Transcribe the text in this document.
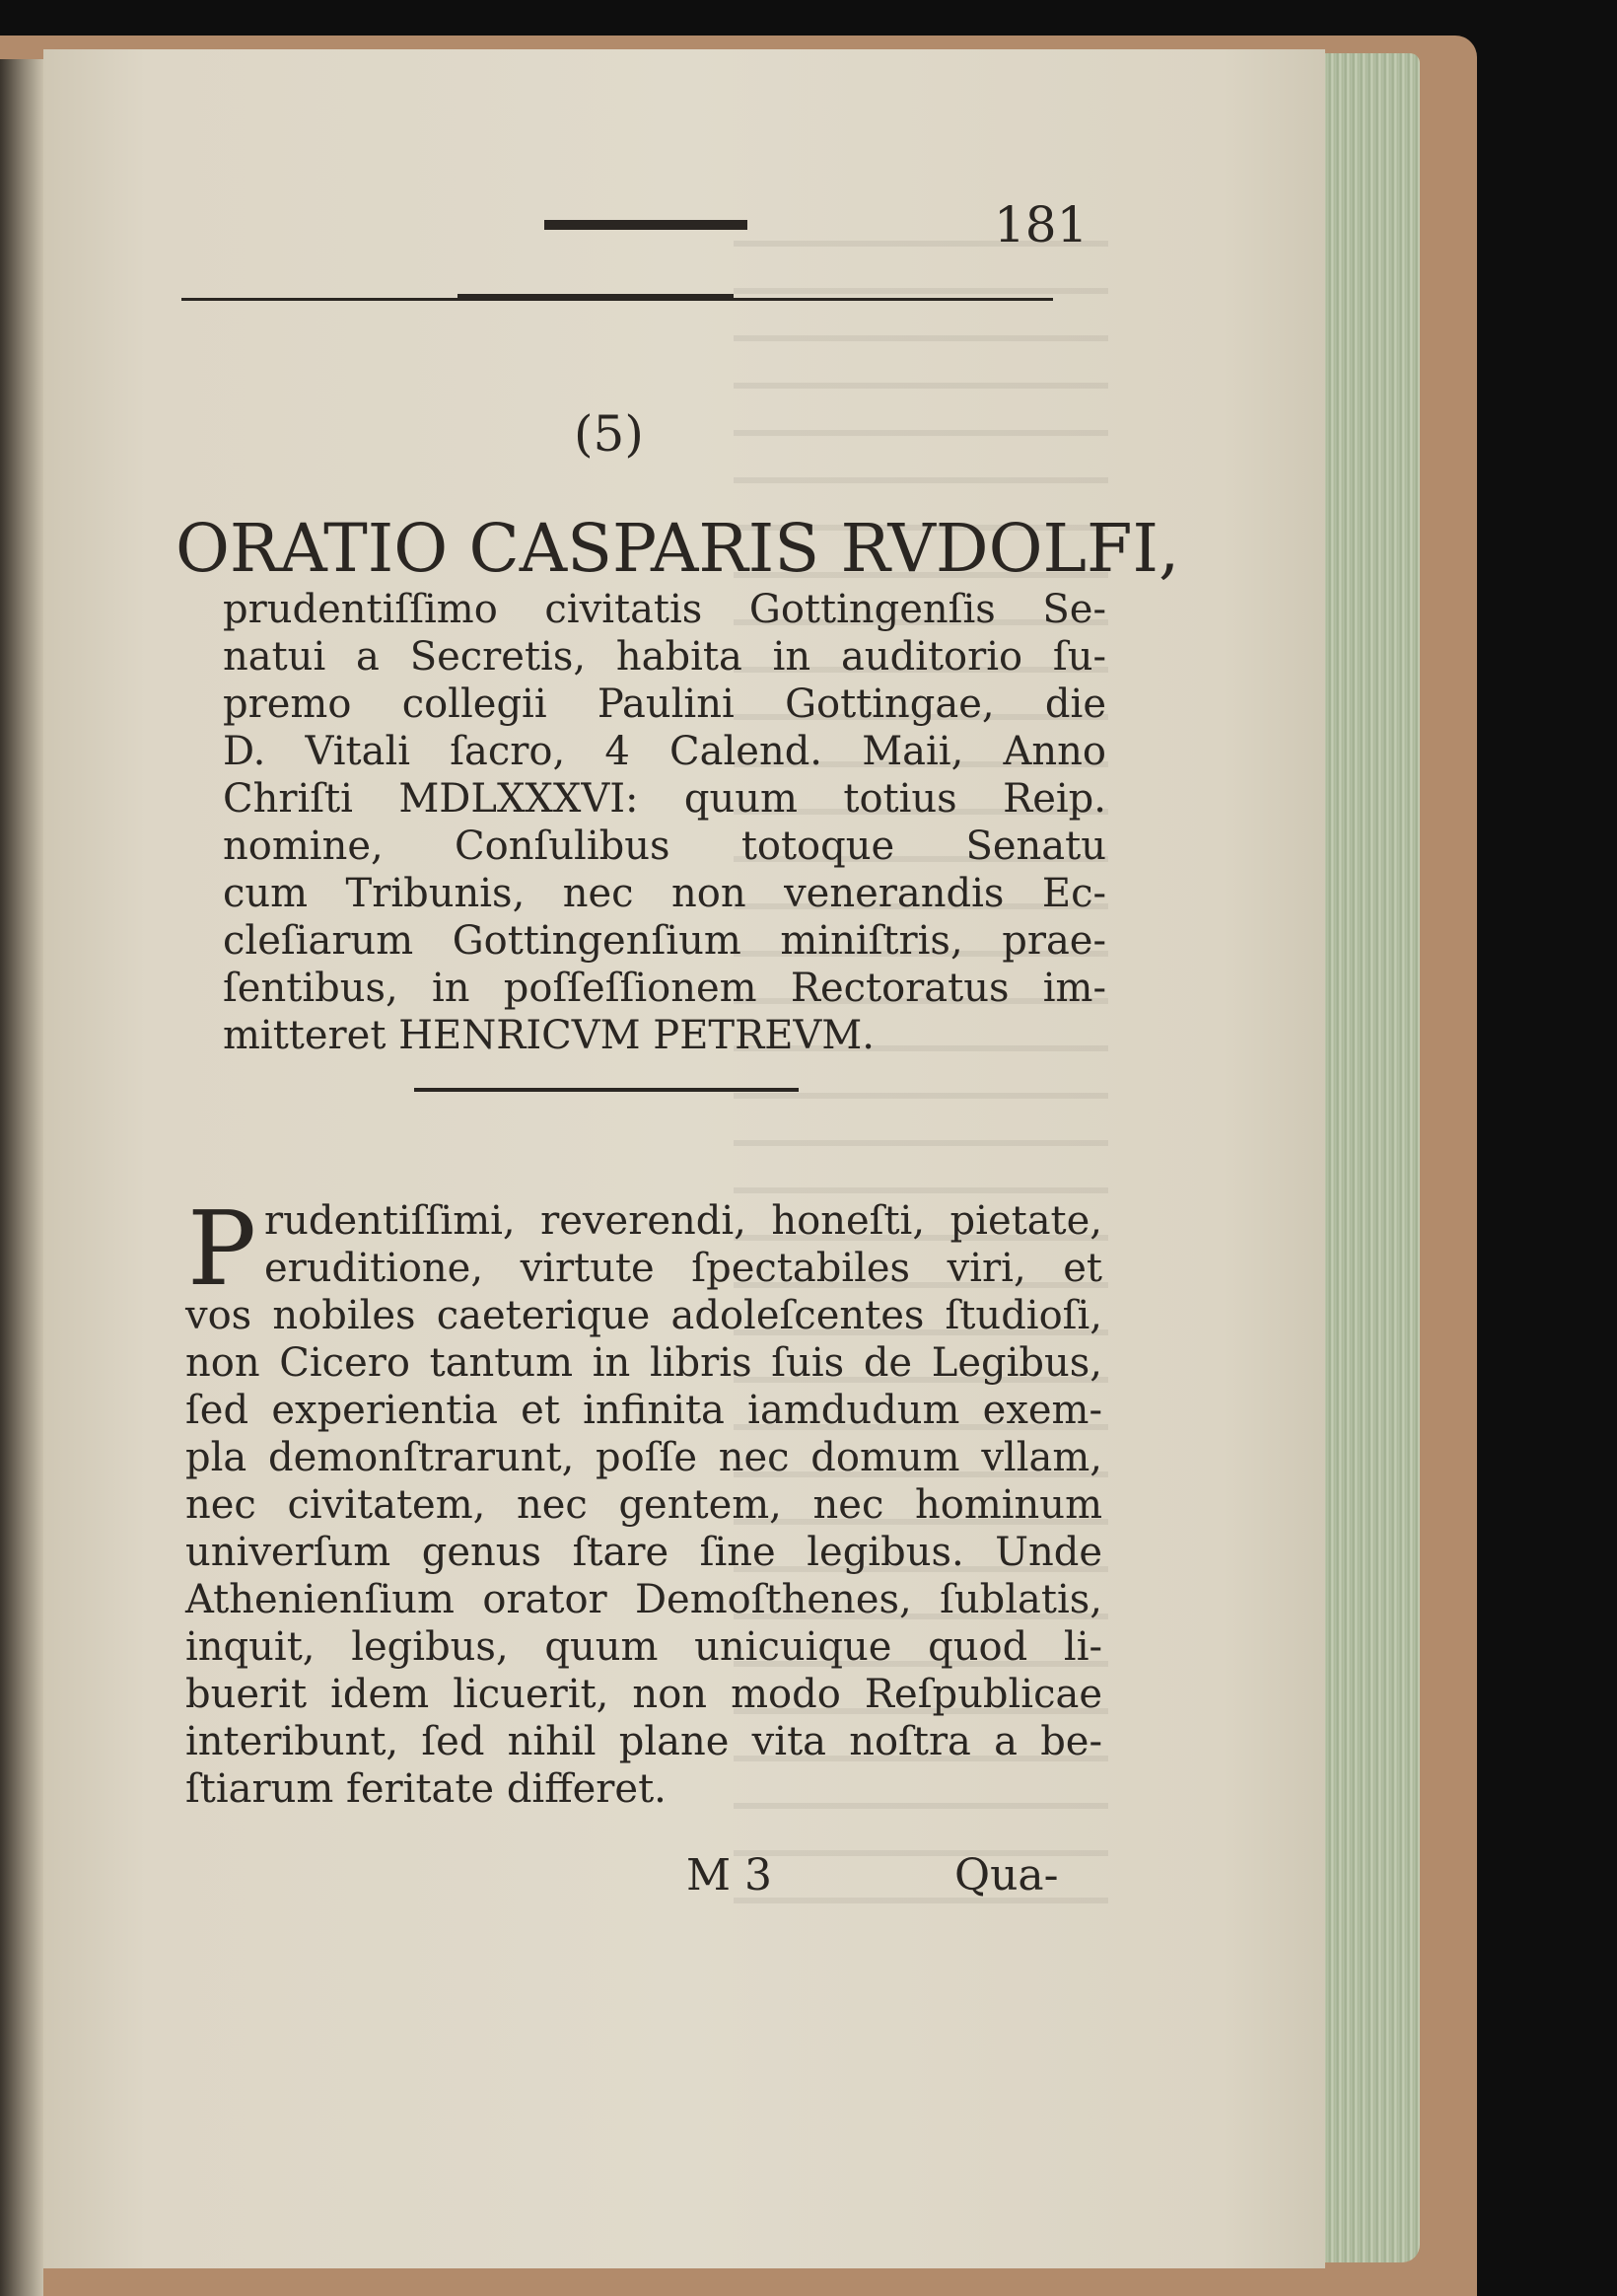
181

(5)

ORATIO CASPARIS RVDOLFI,
prudentiſſimo civitatis Gottingenſis Se-
natui a Secretis, habita in auditorio ſu-
premo collegii Paulini Gottingae, die
D. Vitali ſacro, 4 Calend. Maii, Anno
Chriſti MDLXXXVI: quum totius Reip.
nomine, Conſulibus totoque Senatu
cum Tribunis, nec non venerandis Ec-
cleſiarum Gottingenſium miniſtris, prae-
ſentibus, in poſſeſſionem Rectoratus im-
mitteret HENRICVM PETREVM.

P rudentiſſimi, reverendi, honeſti, pietate,
eruditione, virtute ſpectabiles viri, et
vos nobiles caeterique adoleſcentes ſtudioſi,
non Cicero tantum in libris ſuis de Legibus,
ſed experientia et infinita iamdudum exem-
pla demonſtrarunt, poſſe nec domum vllam,
nec civitatem, nec gentem, nec hominum
univerſum genus ſtare ſine legibus. Unde
Athenienſium orator Demoſthenes, ſublatis,
inquit, legibus, quum unicuique quod li-
buerit idem licuerit, non modo Reſpublicae
interibunt, ſed nihil plane vita noſtra a be-
ſtiarum feritate differet.

M 3	Qua-
